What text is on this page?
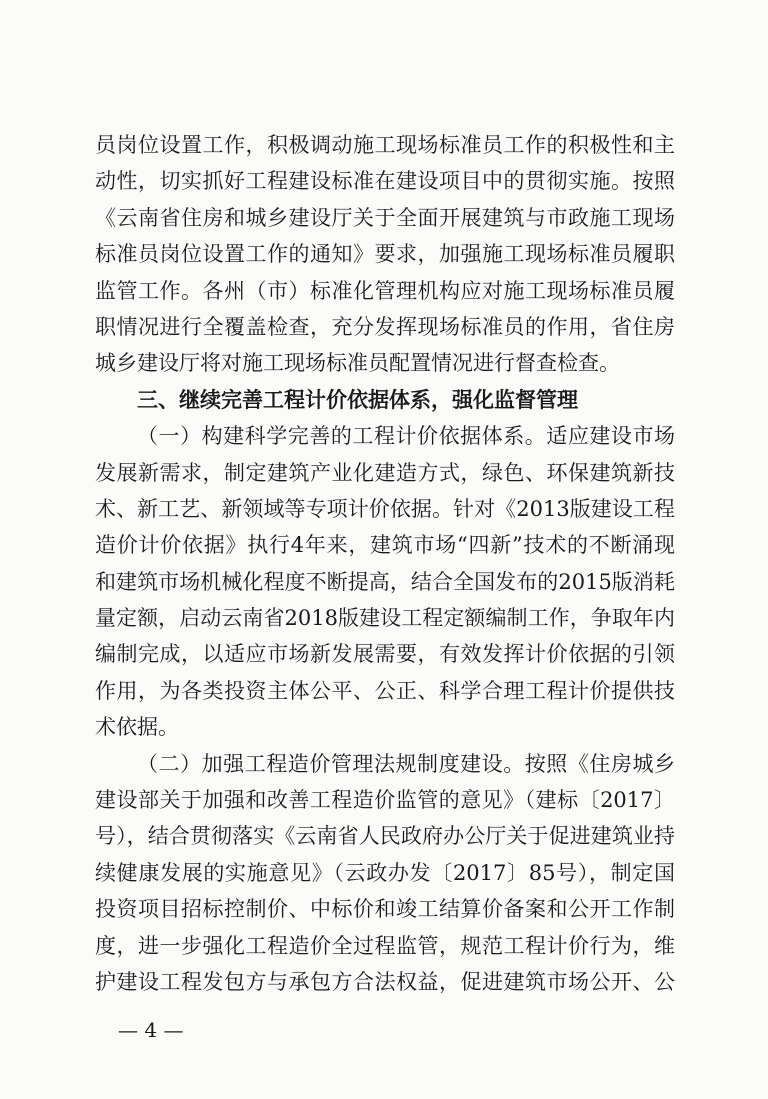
员岗位设置工作，积极调动施工现场标准员工作的积极性和主
动性，切实抓好工程建设标准在建设项目中的贯彻实施。按照
《云南省住房和城乡建设厅关于全面开展建筑与市政施工现场
标准员岗位设置工作的通知》要求，加强施工现场标准员履职
监管工作。各州（市）标准化管理机构应对施工现场标准员履
职情况进行全覆盖检查，充分发挥现场标准员的作用，省住房
城乡建设厅将对施工现场标准员配置情况进行督查检查。
三、继续完善工程计价依据体系，强化监督管理
（一）构建科学完善的工程计价依据体系。适应建设市场
发展新需求，制定建筑产业化建造方式，绿色、环保建筑新技
术、新工艺、新领域等专项计价依据。针对《2013版建设工程
造价计价依据》执行4年来，建筑市场“四新”技术的不断涌现
和建筑市场机械化程度不断提高，结合全国发布的2015版消耗
量定额，启动云南省2018版建设工程定额编制工作，争取年内
编制完成，以适应市场新发展需要，有效发挥计价依据的引领
作用，为各类投资主体公平、公正、科学合理工程计价提供技
术依据。
（二）加强工程造价管理法规制度建设。按照《住房城乡
建设部关于加强和改善工程造价监管的意见》（建标〔2017〕
号），结合贯彻落实《云南省人民政府办公厅关于促进建筑业持
续健康发展的实施意见》（云政办发〔2017〕85号），制定国
投资项目招标控制价、中标价和竣工结算价备案和公开工作制
度，进一步强化工程造价全过程监管，规范工程计价行为，维
护建设工程发包方与承包方合法权益，促进建筑市场公开、公
— 4 —
